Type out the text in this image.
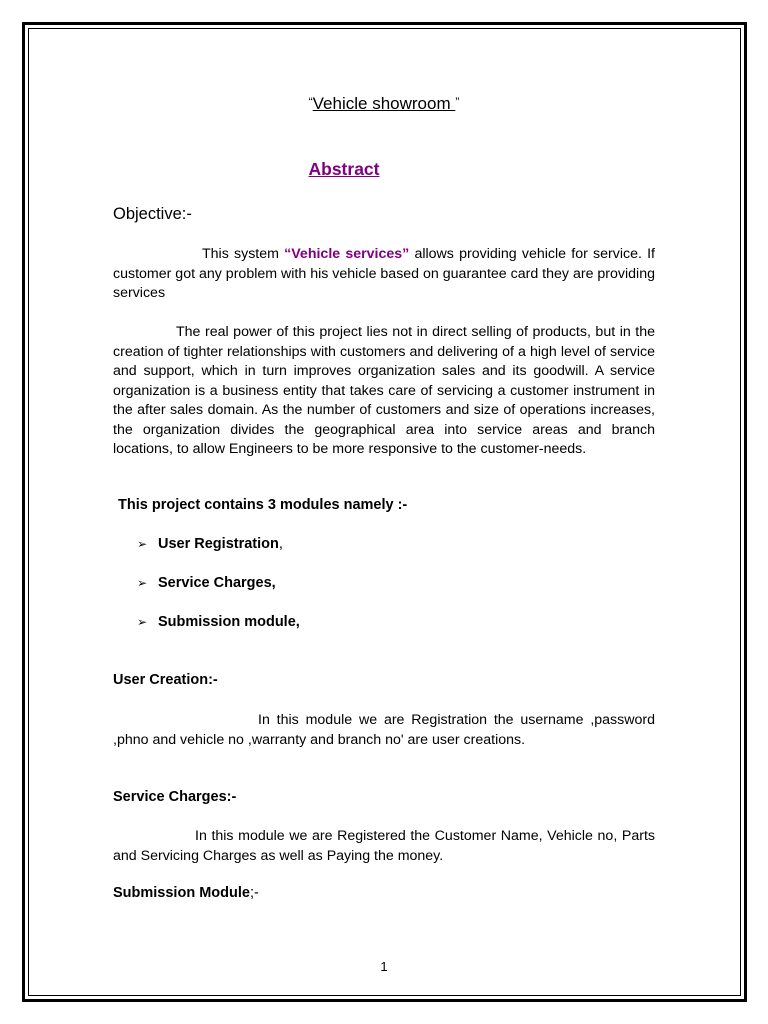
“Vehicle showroom ”
Abstract
Objective:-
This system “Vehicle services” allows providing vehicle for service. If customer got any problem with his vehicle based on guarantee card they are providing services
The real power of this project lies not in direct selling of products, but in the creation of tighter relationships with customers and delivering of a high level of service and support, which in turn improves organization sales and its goodwill. A service organization is a business entity that takes care of servicing a customer instrument in the after sales domain. As the number of customers and size of operations increases, the organization divides the geographical area into service areas and branch locations, to allow Engineers to be more responsive to the customer-needs.
This project contains 3 modules namely :-
➢ User Registration,
➢ Service Charges,
➢ Submission module,
User Creation:-
In this module we are Registration the username ,password ,phno and vehicle no ,warranty and branch no' are user creations.
Service Charges:-
In this module we are Registered the Customer Name, Vehicle no, Parts and Servicing Charges as well as Paying the money.
Submission Module;-
1
